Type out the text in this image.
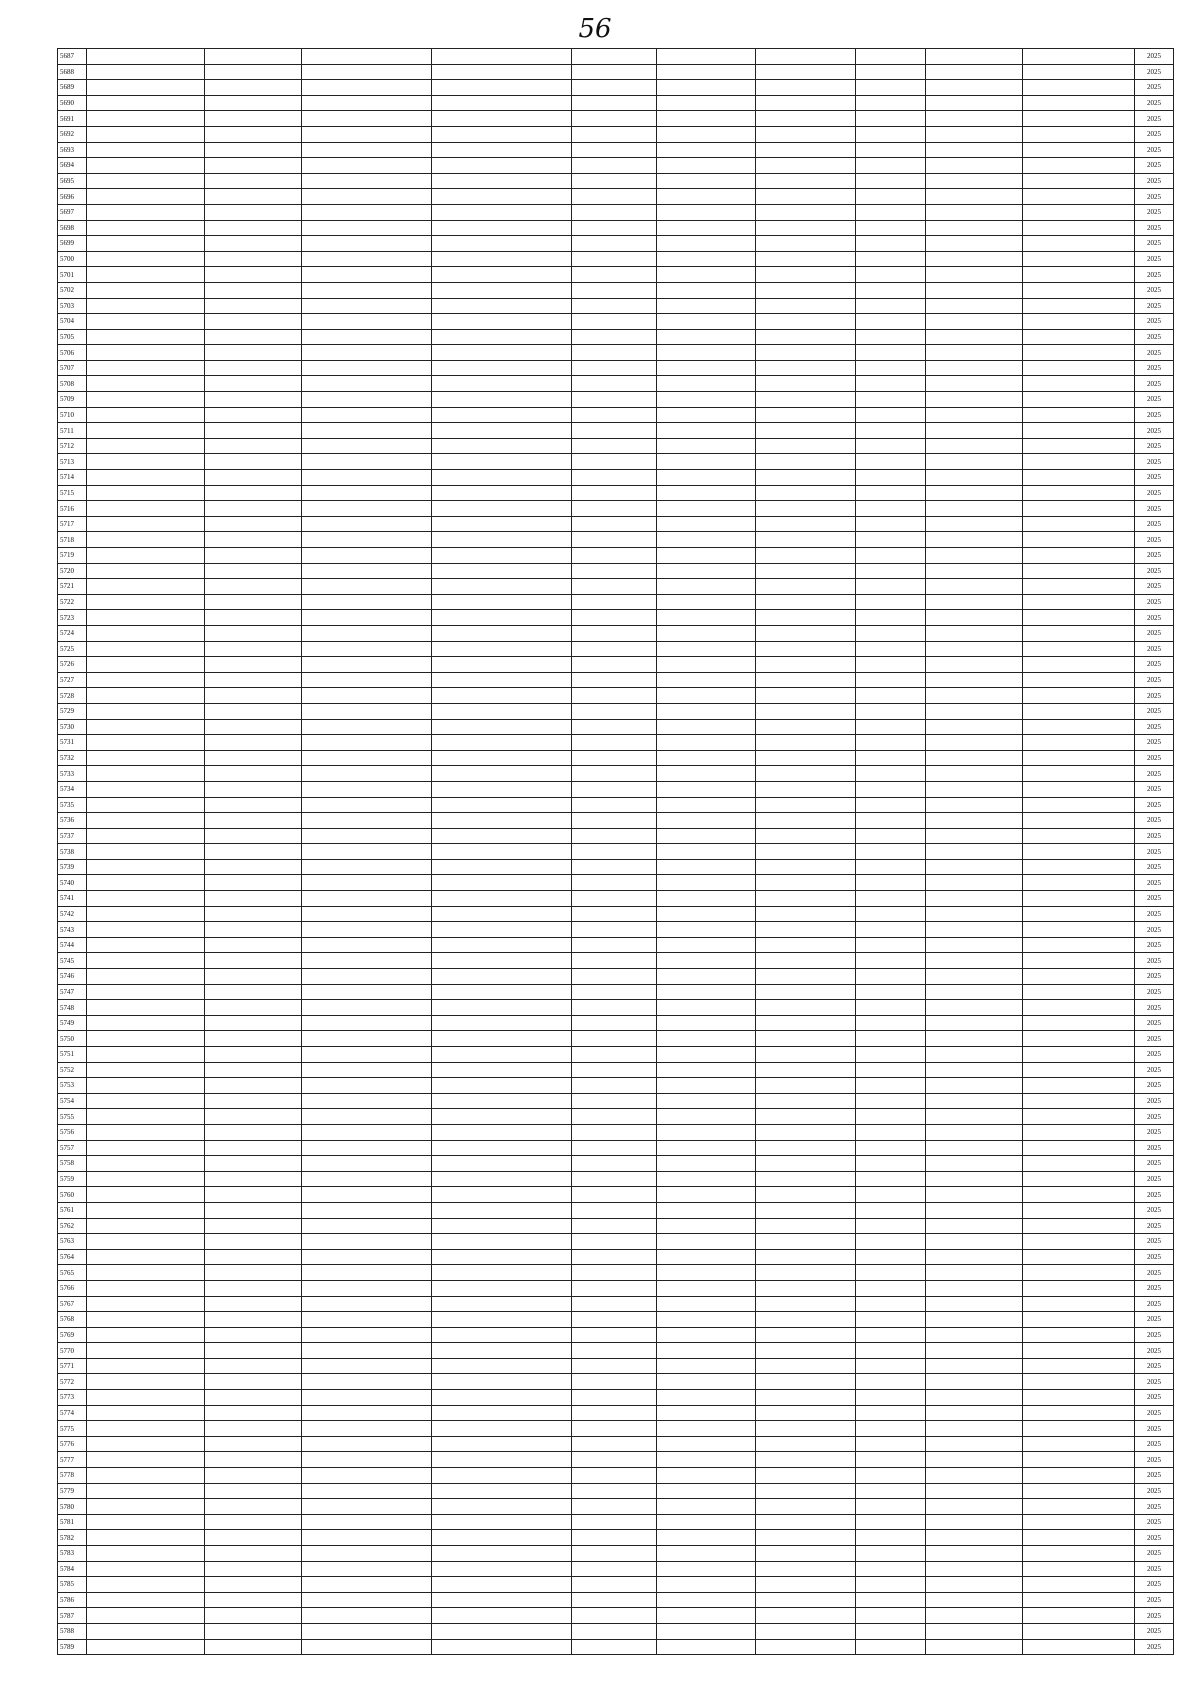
56
5687											2025
5688											2025
5689											2025
5690											2025
5691											2025
5692											2025
5693											2025
5694											2025
5695											2025
5696											2025
5697											2025
5698											2025
5699											2025
5700											2025
5701											2025
5702											2025
5703											2025
5704											2025
5705											2025
5706											2025
5707											2025
5708											2025
5709											2025
5710											2025
5711											2025
5712											2025
5713											2025
5714											2025
5715											2025
5716											2025
5717											2025
5718											2025
5719											2025
5720											2025
5721											2025
5722											2025
5723											2025
5724											2025
5725											2025
5726											2025
5727											2025
5728											2025
5729											2025
5730											2025
5731											2025
5732											2025
5733											2025
5734											2025
5735											2025
5736											2025
5737											2025
5738											2025
5739											2025
5740											2025
5741											2025
5742											2025
5743											2025
5744											2025
5745											2025
5746											2025
5747											2025
5748											2025
5749											2025
5750											2025
5751											2025
5752											2025
5753											2025
5754											2025
5755											2025
5756											2025
5757											2025
5758											2025
5759											2025
5760											2025
5761											2025
5762											2025
5763											2025
5764											2025
5765											2025
5766											2025
5767											2025
5768											2025
5769											2025
5770											2025
5771											2025
5772											2025
5773											2025
5774											2025
5775											2025
5776											2025
5777											2025
5778											2025
5779											2025
5780											2025
5781											2025
5782											2025
5783											2025
5784											2025
5785											2025
5786											2025
5787											2025
5788											2025
5789											2025
